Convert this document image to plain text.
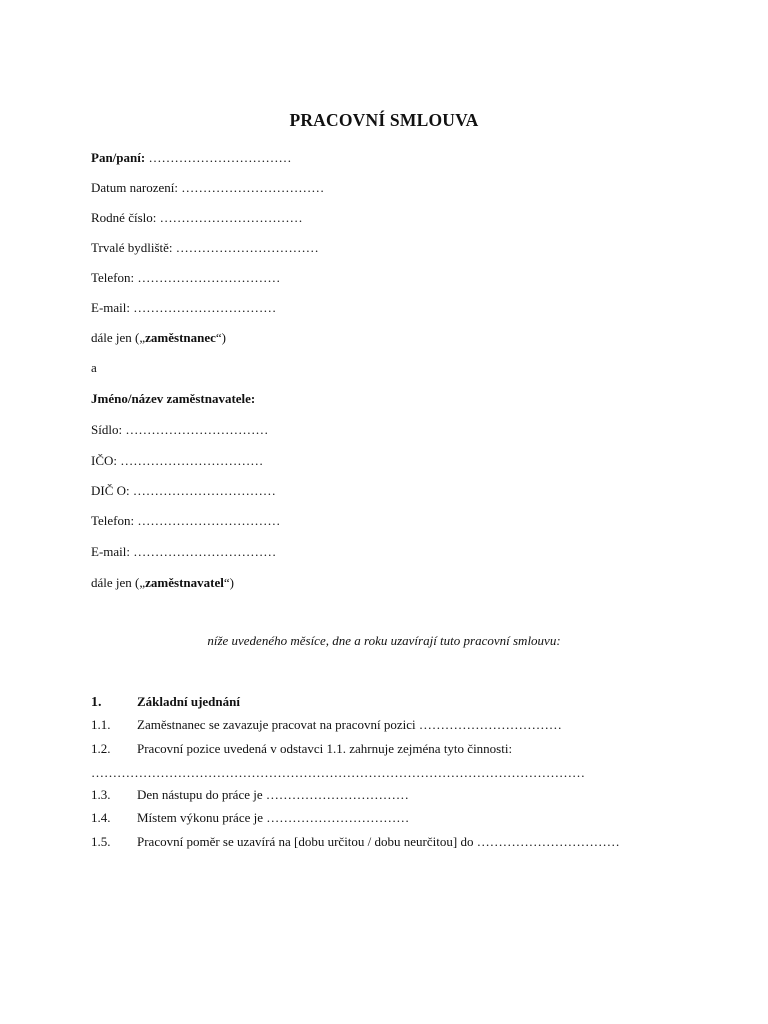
PRACOVNÍ SMLOUVA
Pan/paní: ……………………………
Datum narození: ……………………………
Rodné číslo: ……………………………
Trvalé bydliště: ……………………………
Telefon: ……………………………
E-mail: ……………………………
dále jen („zaměstnanec“)
a
Jméno/název zaměstnavatele:
Sídlo: ……………………………
IČO: ……………………………
DIČ O: ……………………………
Telefon: ……………………………
E-mail: ……………………………
dále jen („zaměstnavatel“)
níže uvedeného měsíce, dne a roku uzavírají tuto pracovní smlouvu:
1.	Základní ujednání
1.1. Zaměstnanec se zavazuje pracovat na pracovní pozici ……………………………
1.2. Pracovní pozice uvedená v odstavci 1.1. zahrnuje zejména tyto činnosti:
……………………………………………………………………………………………………
1.3. Den nástupu do práce je ……………………………
1.4. Místem výkonu práce je ……………………………
1.5. Pracovní poměr se uzavírá na [dobu určitou / dobu neurčitou] do ……………………………
